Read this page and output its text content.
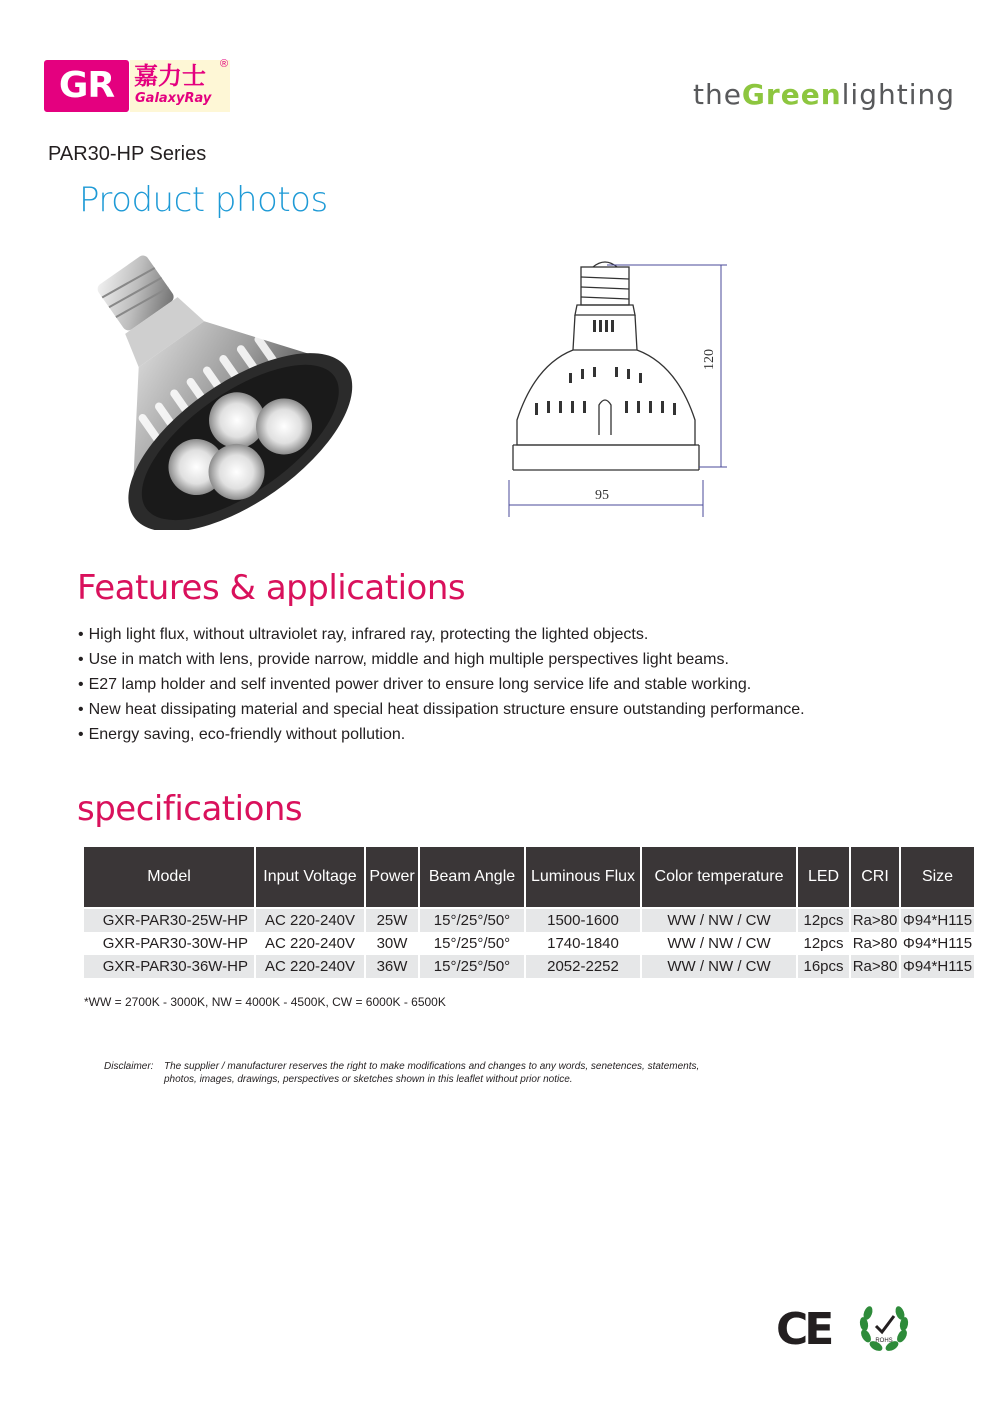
GR 嘉力士 ®
GalaxyRay	theGreenlighting
PAR30-HP Series
Product photos
120
95
Features & applications
• High light flux, without ultraviolet ray, infrared ray, protecting the lighted objects.
• Use in match with lens, provide narrow, middle and high multiple perspectives light beams.
• E27 lamp holder and self invented power driver to ensure long service life and stable working.
• New heat dissipating material and special heat dissipation structure ensure outstanding performance.
• Energy saving, eco-friendly without pollution.
specifications
Model	Input Voltage	Power	Beam Angle	Luminous Flux	Color temperature	LED	CRI	Size
GXR-PAR30-25W-HP	AC 220-240V	25W	15°/25°/50°	1500-1600	WW / NW / CW	12pcs	Ra>80	Φ94*H115
GXR-PAR30-30W-HP	AC 220-240V	30W	15°/25°/50°	1740-1840	WW / NW / CW	12pcs	Ra>80	Φ94*H115
GXR-PAR30-36W-HP	AC 220-240V	36W	15°/25°/50°	2052-2252	WW / NW / CW	16pcs	Ra>80	Φ94*H115
*WW = 2700K - 3000K, NW = 4000K - 4500K, CW = 6000K - 6500K
Disclaimer: The supplier / manufacturer reserves the right to make modifications and changes to any words, senetences, statements,
photos, images, drawings, perspectives or sketches shown in this leaflet without prior notice.
CE	ROHS
